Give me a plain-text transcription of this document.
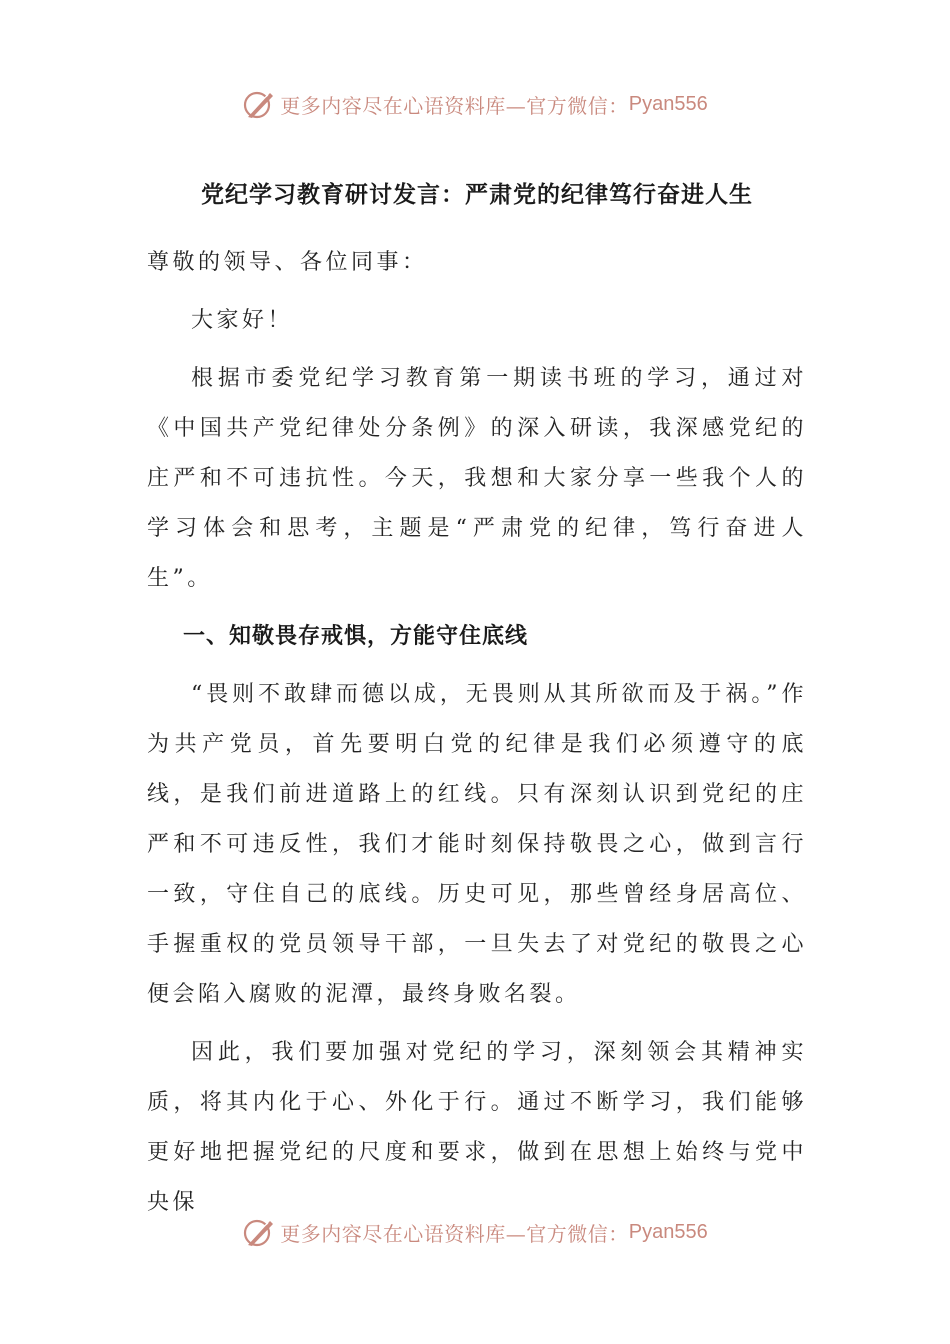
更多内容尽在心语资料库—官方微信： Pyan556
党纪学习教育研讨发言：严肃党的纪律笃行奋进人生

尊敬的领导、各位同事：

大家好！

根据市委党纪学习教育第一期读书班的学习，通过对《中国共产党纪律处分条例》的深入研读，我深感党纪的庄严和不可违抗性。今天，我想和大家分享一些我个人的学习体会和思考，主题是“严肃党的纪律，笃行奋进人生”。

一、知敬畏存戒惧，方能守住底线

“畏则不敢肆而德以成，无畏则从其所欲而及于祸。”作为共产党员，首先要明白党的纪律是我们必须遵守的底线，是我们前进道路上的红线。只有深刻认识到党纪的庄严和不可违反性，我们才能时刻保持敬畏之心，做到言行一致，守住自己的底线。历史可见，那些曾经身居高位、手握重权的党员领导干部，一旦失去了对党纪的敬畏之心便会陷入腐败的泥潭，最终身败名裂。

因此，我们要加强对党纪的学习，深刻领会其精神实质，将其内化于心、外化于行。通过不断学习，我们能够更好地把握党纪的尺度和要求，做到在思想上始终与党中央保

更多内容尽在心语资料库—官方微信： Pyan556
